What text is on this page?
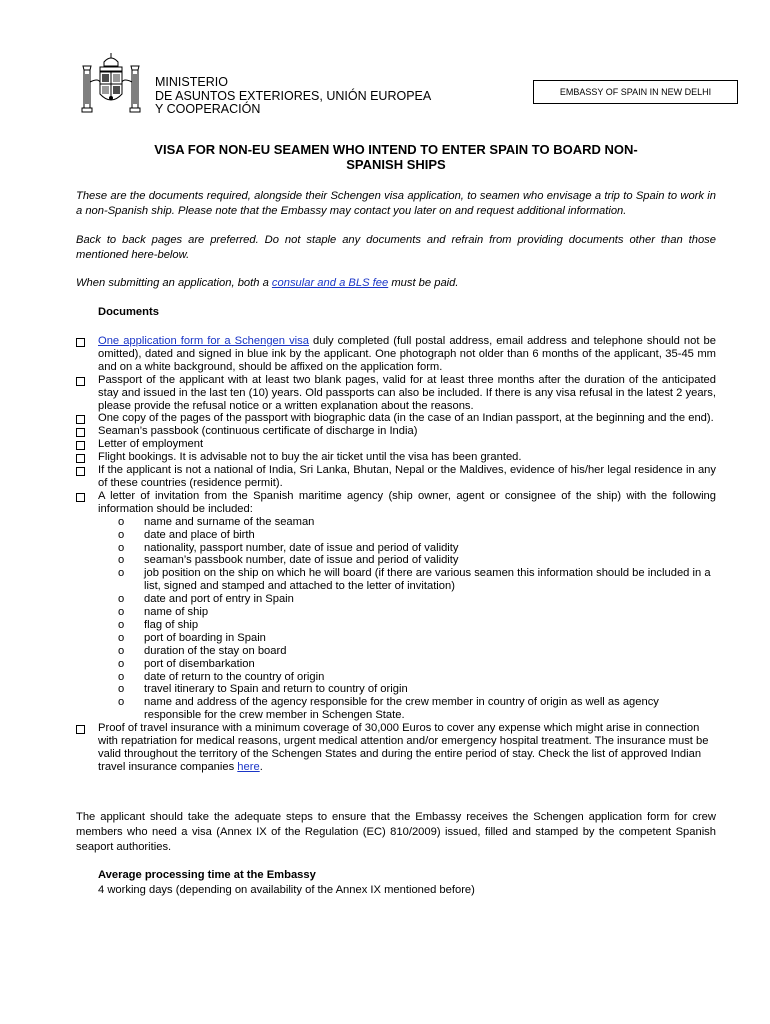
MINISTERIO
DE ASUNTOS EXTERIORES, UNIÓN EUROPEA
Y COOPERACIÓN
EMBASSY OF SPAIN IN NEW DELHI
VISA FOR NON-EU SEAMEN WHO INTEND TO ENTER SPAIN TO BOARD NON-
SPANISH SHIPS
These are the documents required, alongside their Schengen visa application, to seamen who envisage a trip to Spain to work in a non-Spanish ship. Please note that the Embassy may contact you later on and request additional information.
Back to back pages are preferred. Do not staple any documents and refrain from providing documents other than those mentioned here-below.
When submitting an application, both a consular and a BLS fee must be paid.
Documents
One application form for a Schengen visa duly completed (full postal address, email address and telephone should not be omitted), dated and signed in blue ink by the applicant. One photograph not older than 6 months of the applicant, 35-45 mm and on a white background, should be affixed on the application form.
Passport of the applicant with at least two blank pages, valid for at least three months after the duration of the anticipated stay and issued in the last ten (10) years. Old passports can also be included. If there is any visa refusal in the latest 2 years, please provide the refusal notice or a written explanation about the reasons.
One copy of the pages of the passport with biographic data (in the case of an Indian passport, at the beginning and the end).
Seaman’s passbook (continuous certificate of discharge in India)
Letter of employment
Flight bookings. It is advisable not to buy the air ticket until the visa has been granted.
If the applicant is not a national of India, Sri Lanka, Bhutan, Nepal or the Maldives, evidence of his/her legal residence in any of these countries (residence permit).
A letter of invitation from the Spanish maritime agency (ship owner, agent or consignee of the ship) with the following information should be included:
o name and surname of the seaman
o date and place of birth
o nationality, passport number, date of issue and period of validity
o seaman’s passbook number, date of issue and period of validity
o job position on the ship on which he will board (if there are various seamen this information should be included in a list, signed and stamped and attached to the letter of invitation)
o date and port of entry in Spain
o name of ship
o flag of ship
o port of boarding in Spain
o duration of the stay on board
o port of disembarkation
o date of return to the country of origin
o travel itinerary to Spain and return to country of origin
o name and address of the agency responsible for the crew member in country of origin as well as agency responsible for the crew member in Schengen State.
Proof of travel insurance with a minimum coverage of 30,000 Euros to cover any expense which might arise in connection with repatriation for medical reasons, urgent medical attention and/or emergency hospital treatment. The insurance must be valid throughout the territory of the Schengen States and during the entire period of stay. Check the list of approved Indian travel insurance companies here.
The applicant should take the adequate steps to ensure that the Embassy receives the Schengen application form for crew members who need a visa (Annex IX of the Regulation (EC) 810/2009) issued, filled and stamped by the competent Spanish seaport authorities.
Average processing time at the Embassy
4 working days (depending on availability of the Annex IX mentioned before)
